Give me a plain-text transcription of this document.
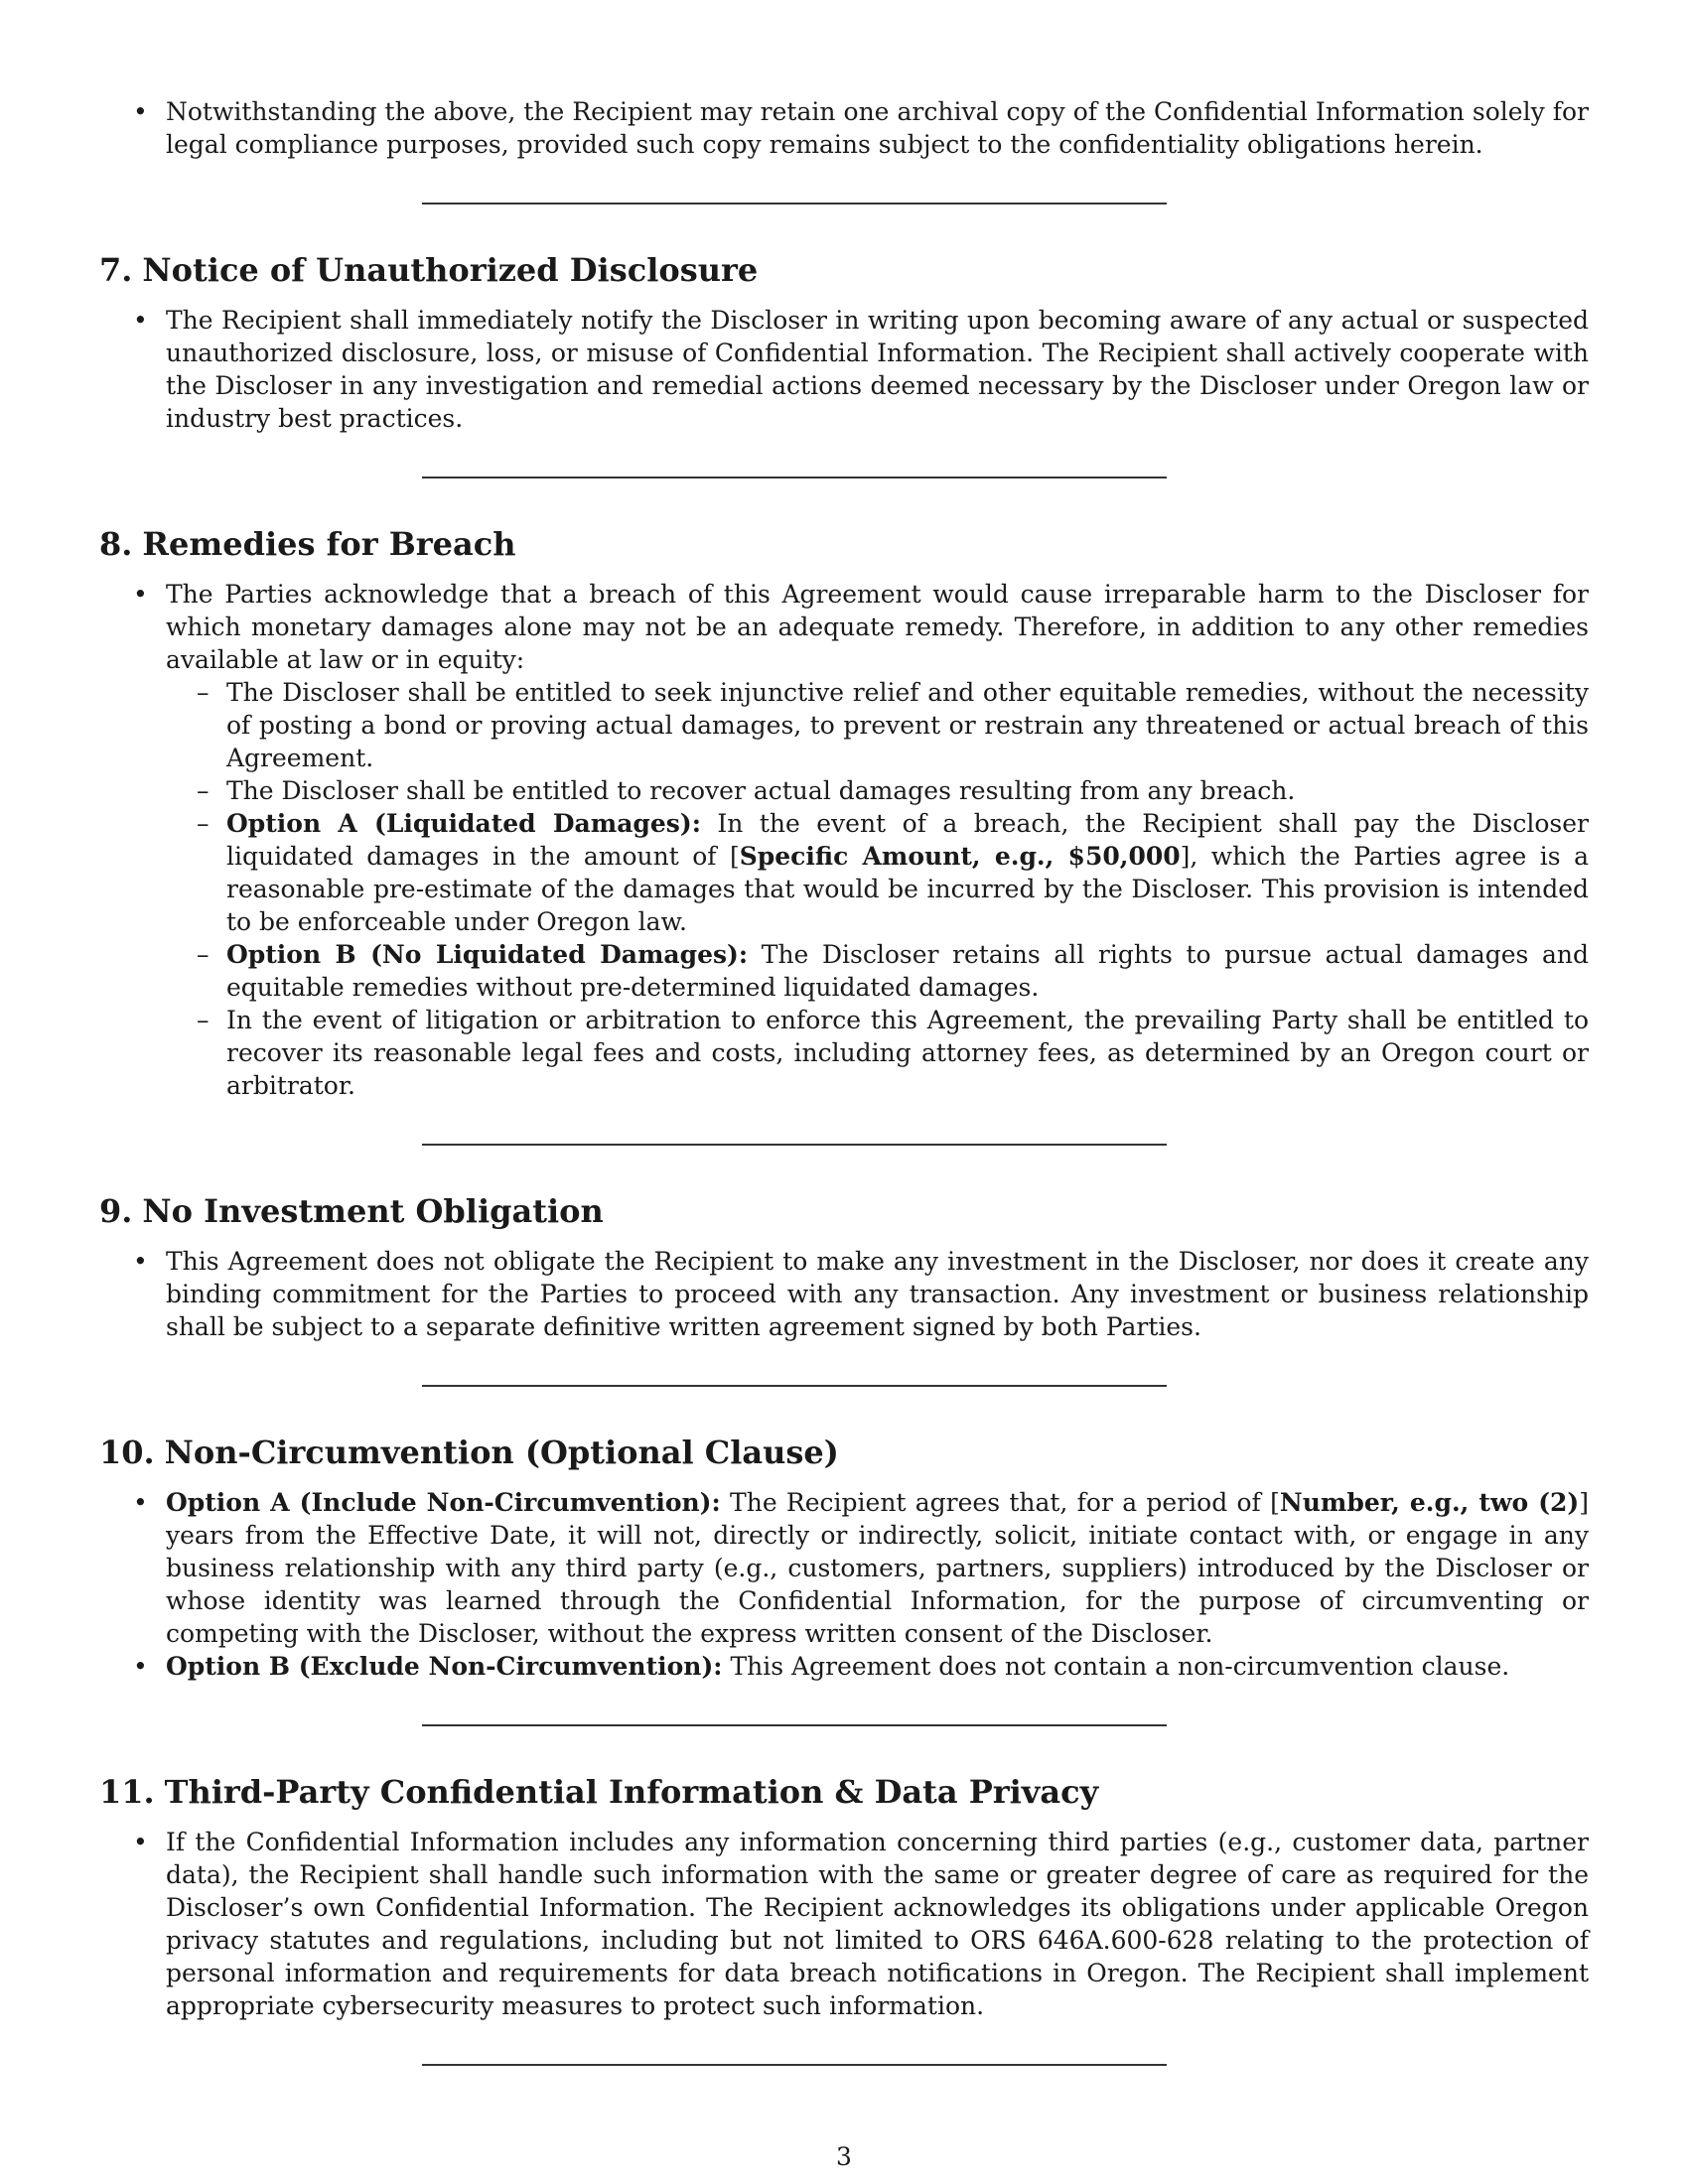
• Notwithstanding the above, the Recipient may retain one archival copy of the Confidential Information solely for legal compliance purposes, provided such copy remains subject to the confidentiality obligations herein.
7. Notice of Unauthorized Disclosure
• The Recipient shall immediately notify the Discloser in writing upon becoming aware of any actual or suspected unauthorized disclosure, loss, or misuse of Confidential Information. The Recipient shall actively cooperate with the Discloser in any investigation and remedial actions deemed necessary by the Discloser under Oregon law or industry best practices.
8. Remedies for Breach
• The Parties acknowledge that a breach of this Agreement would cause irreparable harm to the Discloser for which monetary damages alone may not be an adequate remedy. Therefore, in addition to any other remedies available at law or in equity:
– The Discloser shall be entitled to seek injunctive relief and other equitable remedies, without the necessity of posting a bond or proving actual damages, to prevent or restrain any threatened or actual breach of this Agreement.
– The Discloser shall be entitled to recover actual damages resulting from any breach.
– Option A (Liquidated Damages): In the event of a breach, the Recipient shall pay the Discloser liquidated damages in the amount of [Specific Amount, e.g., $50,000], which the Parties agree is a reasonable pre-estimate of the damages that would be incurred by the Discloser. This provision is intended to be enforceable under Oregon law.
– Option B (No Liquidated Damages): The Discloser retains all rights to pursue actual damages and equitable remedies without pre-determined liquidated damages.
– In the event of litigation or arbitration to enforce this Agreement, the prevailing Party shall be entitled to recover its reasonable legal fees and costs, including attorney fees, as determined by an Oregon court or arbitrator.
9. No Investment Obligation
• This Agreement does not obligate the Recipient to make any investment in the Discloser, nor does it create any binding commitment for the Parties to proceed with any transaction. Any investment or business relationship shall be subject to a separate definitive written agreement signed by both Parties.
10. Non-Circumvention (Optional Clause)
• Option A (Include Non-Circumvention): The Recipient agrees that, for a period of [Number, e.g., two (2)] years from the Effective Date, it will not, directly or indirectly, solicit, initiate contact with, or engage in any business relationship with any third party (e.g., customers, partners, suppliers) introduced by the Discloser or whose identity was learned through the Confidential Information, for the purpose of circumventing or competing with the Discloser, without the express written consent of the Discloser.
• Option B (Exclude Non-Circumvention): This Agreement does not contain a non-circumvention clause.
11. Third-Party Confidential Information & Data Privacy
• If the Confidential Information includes any information concerning third parties (e.g., customer data, partner data), the Recipient shall handle such information with the same or greater degree of care as required for the Discloser’s own Confidential Information. The Recipient acknowledges its obligations under applicable Oregon privacy statutes and regulations, including but not limited to ORS 646A.600-628 relating to the protection of personal information and requirements for data breach notifications in Oregon. The Recipient shall implement appropriate cybersecurity measures to protect such information.
3
